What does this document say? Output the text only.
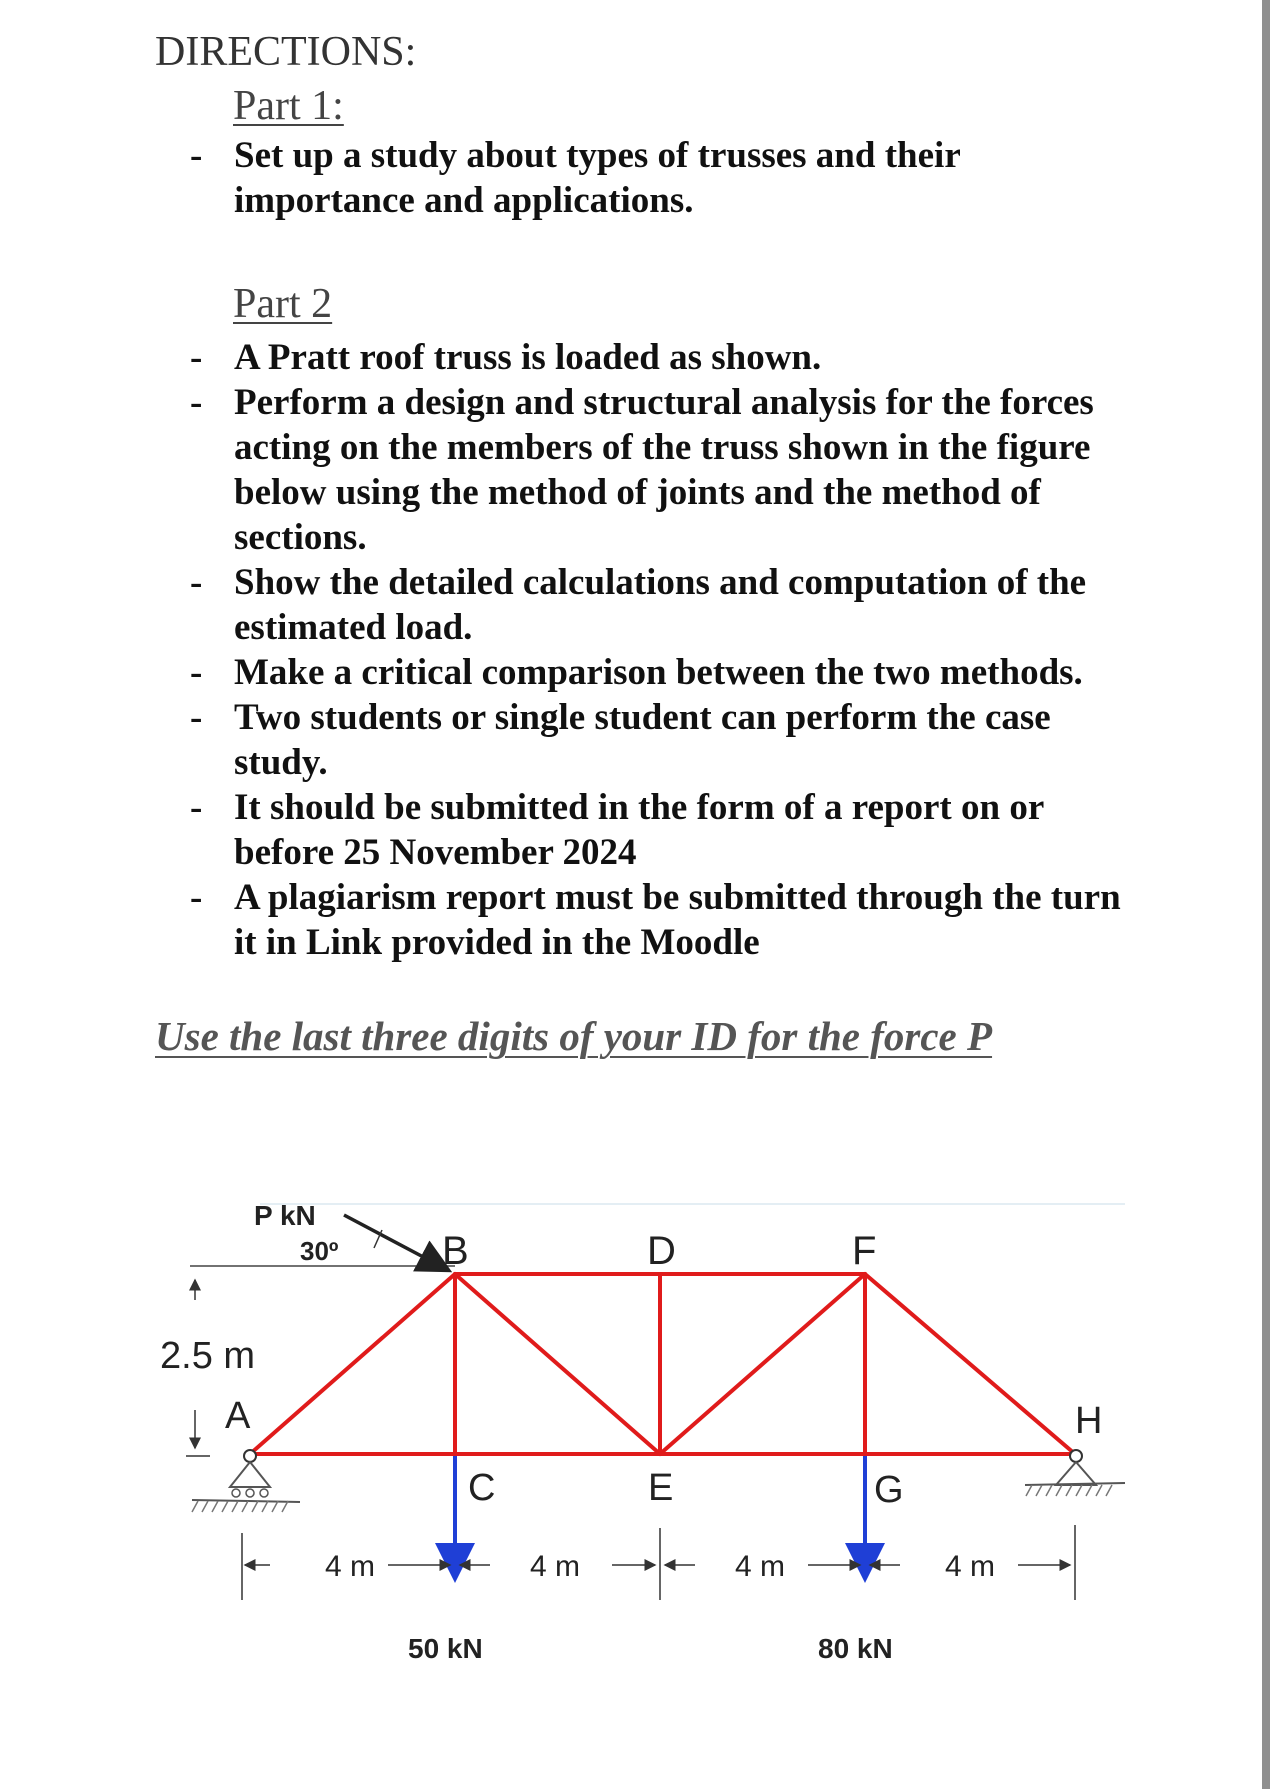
DIRECTIONS:
Part 1:
- Set up a study about types of trusses and their importance and applications.
Part 2
- A Pratt roof truss is loaded as shown.
- Perform a design and structural analysis for the forces acting on the members of the truss shown in the figure below using the method of joints and the method of sections.
- Show the detailed calculations and computation of the estimated load.
- Make a critical comparison between the two methods.
- Two students or single student can perform the case study.
- It should be submitted in the form of a report on or before 25 November 2024
- A plagiarism report must be submitted through the turn it in Link provided in the Moodle
Use the last three digits of your ID for the force P
2.5 m
A
B
C
D
E
F
G
H
P kN
30º
50 kN	80 kN
4 m	4 m	4 m	4 m
